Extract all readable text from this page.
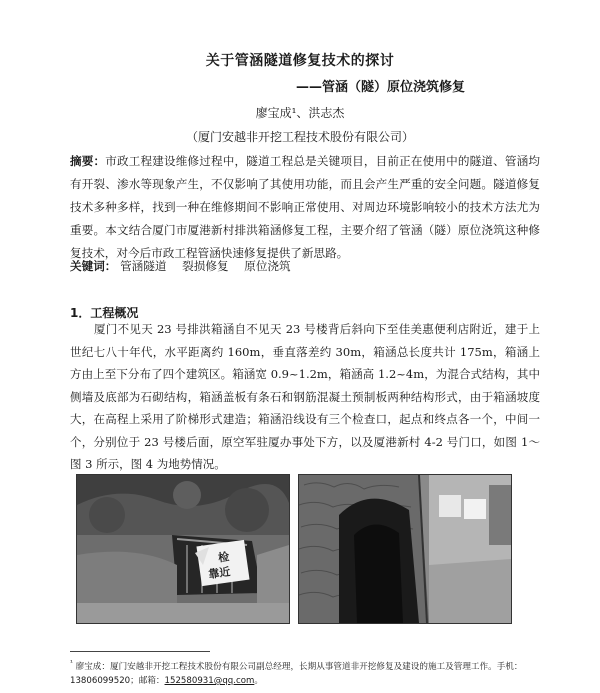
关于管涵隧道修复技术的探讨
——管涵（隧）原位浇筑修复
廖宝成¹、洪志杰
（厦门安越非开挖工程技术股份有限公司）
摘要：市政工程建设维修过程中，隧道工程总是关键项目，目前正在使用中的隧道、管涵均有开裂、渗水等现象产生，不仅影响了其使用功能，而且会产生严重的安全问题。隧道修复技术多种多样，找到一种在维修期间不影响正常使用、对周边环境影响较小的技术方法尤为重要。本文结合厦门市厦港新村排洪箱涵修复工程，主要介绍了管涵（隧）原位浇筑这种修复技术，对今后市政工程管涵快速修复提供了新思路。
关键词： 管涵隧道 裂损修复 原位浇筑
1．工程概况
厦门不见天 23 号排洪箱涵自不见天 23 号楼背后斜向下至佳美惠便利店附近，建于上世纪七八十年代，水平距离约 160m，垂直落差约 30m，箱涵总长度共计 175m，箱涵上方由上至下分布了四个建筑区。箱涵宽 0.9~1.2m，箱涵高 1.2~4m，为混合式结构，其中侧墙及底部为石砌结构，箱涵盖板有条石和钢筋混凝土预制板两种结构形式，由于箱涵坡度大，在高程上采用了阶梯形式建造；箱涵沿线设有三个检查口，起点和终点各一个，中间一个，分别位于 23 号楼后面，原空军驻厦办事处下方，以及厦港新村 4-2 号门口，如图 1～图 3 所示，图 4 为地势情况。
检
靠近
$^{^1}$ 廖宝成：厦门安越非开挖工程技术股份有限公司副总经理，长期从事管道非开挖修复及建设的施工及管理工作。手机：13806099520；邮箱：152580931@qq.com。
